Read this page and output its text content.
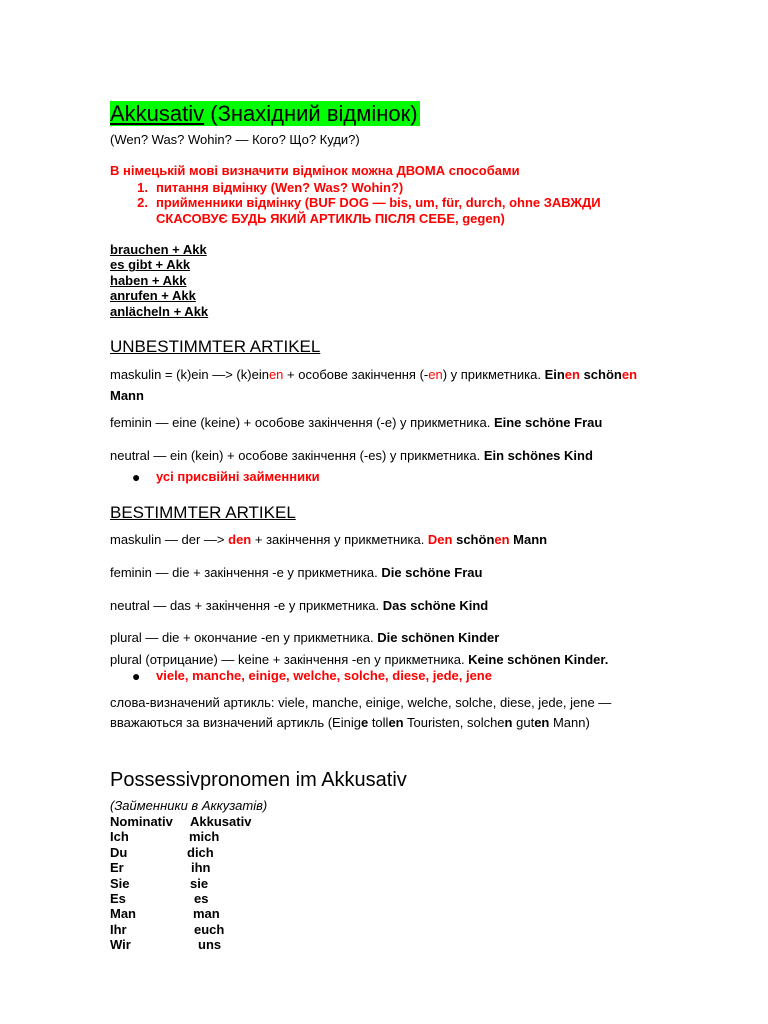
Akkusativ (Знахідний відмінок)
(Wen? Was? Wohin? — Кого? Що? Куди?)
В німецькій мові визначити відмінок можна ДВОМА способами
1. питання відмінку (Wen? Was? Wohin?)
2. прийменники відмінку (BUF DOG — bis, um, für, durch, ohne ЗАВЖДИ
СКАСОВУЄ БУДЬ ЯКИЙ АРТИКЛЬ ПІСЛЯ СЕБЕ, gegen)
brauchen + Akk
es gibt + Akk
haben + Akk
anrufen + Akk
anlächeln + Akk
UNBESTIMMTER ARTIKEL
maskulin = (k)ein —> (k)einen + особове закінчення (-en) у прикметника. Einen schönen
Mann
feminin — eine (keine) + особове закінчення (-e) у прикметника. Eine schöne Frau
neutral — ein (kein) + особове закінчення (-es) у прикметника. Ein schönes Kind
● усі присвійні займенники
BESTIMMTER ARTIKEL
maskulin — der —> den + закінчення у прикметника. Den schönen Mann
feminin — die + закінчення -e у прикметника. Die schöne Frau
neutral — das + закінчення -e у прикметника. Das schöne Kind
plural — die + окончание -en у прикметника. Die schönen Kinder
plural (отрицание) — keine + закінчення -en у прикметника. Keine schönen Kinder.
● viele, manche, einige, welche, solche, diese, jede, jene
слова-визначений артикль: viele, manche, einige, welche, solche, diese, jede, jene —
вважаються за визначений артикль (Einige tollen Touristen, solchen guten Mann)
Possessivpronomen im Akkusativ
(Займенники в Аккузатів)
Nominativ Akkusativ
Ich	mich
Du	dich
Er	ihn
Sie	sie
Es	es
Man	man
Ihr	euch
Wir	uns
